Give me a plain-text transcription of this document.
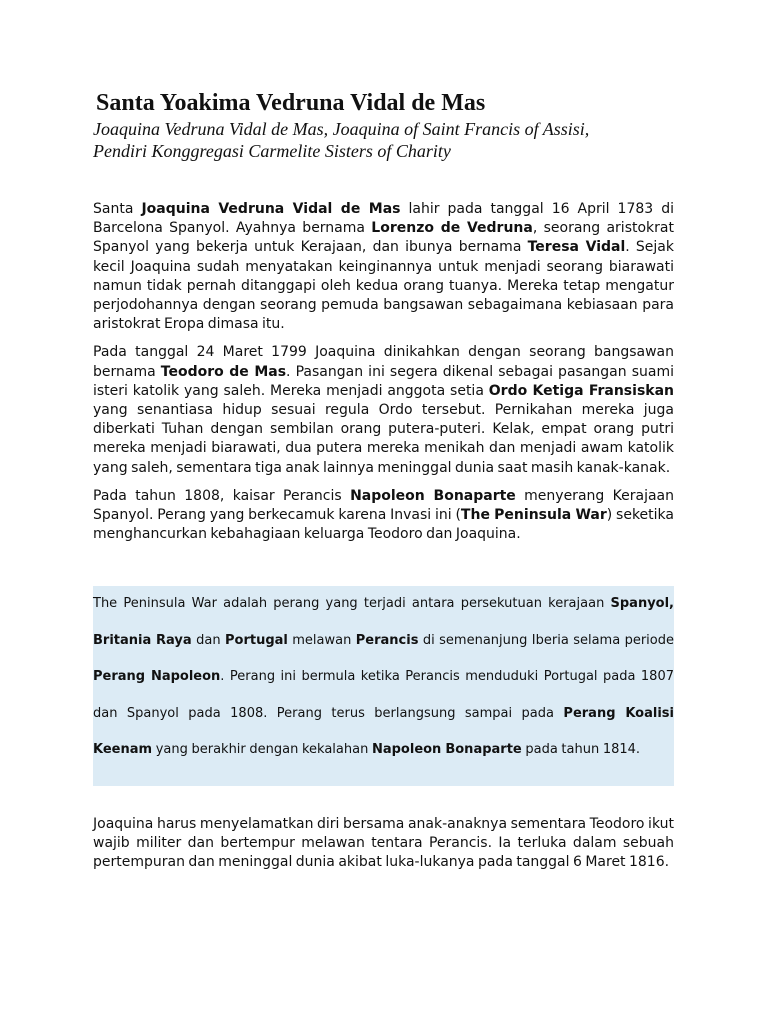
Santa Yoakima Vedruna Vidal de Mas
Joaquina Vedruna Vidal de Mas, Joaquina of Saint Francis of Assisi,
Pendiri Konggregasi Carmelite Sisters of Charity

Santa Joaquina Vedruna Vidal de Mas lahir pada tanggal 16 April 1783 di Barcelona Spanyol. Ayahnya bernama Lorenzo de Vedruna, seorang aristokrat Spanyol yang bekerja untuk Kerajaan, dan ibunya bernama Teresa Vidal. Sejak kecil Joaquina sudah menyatakan keinginannya untuk menjadi seorang biarawati namun tidak pernah ditanggapi oleh kedua orang tuanya. Mereka tetap mengatur perjodohannya dengan seorang pemuda bangsawan sebagaimana kebiasaan para aristokrat Eropa dimasa itu.

Pada tanggal 24 Maret 1799 Joaquina dinikahkan dengan seorang bangsawan bernama Teodoro de Mas. Pasangan ini segera dikenal sebagai pasangan suami isteri katolik yang saleh. Mereka menjadi anggota setia Ordo Ketiga Fransiskan yang senantiasa hidup sesuai regula Ordo tersebut. Pernikahan mereka juga diberkati Tuhan dengan sembilan orang putera-puteri. Kelak, empat orang putri mereka menjadi biarawati, dua putera mereka menikah dan menjadi awam katolik yang saleh, sementara tiga anak lainnya meninggal dunia saat masih kanak-kanak.

Pada tahun 1808, kaisar Perancis Napoleon Bonaparte menyerang Kerajaan Spanyol. Perang yang berkecamuk karena Invasi ini (The Peninsula War) seketika menghancurkan kebahagiaan keluarga Teodoro dan Joaquina.

The Peninsula War adalah perang yang terjadi antara persekutuan kerajaan Spanyol, Britania Raya dan Portugal melawan Perancis di semenanjung Iberia selama periode Perang Napoleon. Perang ini bermula ketika Perancis menduduki Portugal pada 1807 dan Spanyol pada 1808. Perang terus berlangsung sampai pada Perang Koalisi Keenam yang berakhir dengan kekalahan Napoleon Bonaparte pada tahun 1814.

Joaquina harus menyelamatkan diri bersama anak-anaknya sementara Teodoro ikut wajib militer dan bertempur melawan tentara Perancis. Ia terluka dalam sebuah pertempuran dan meninggal dunia akibat luka-lukanya pada tanggal 6 Maret 1816.
